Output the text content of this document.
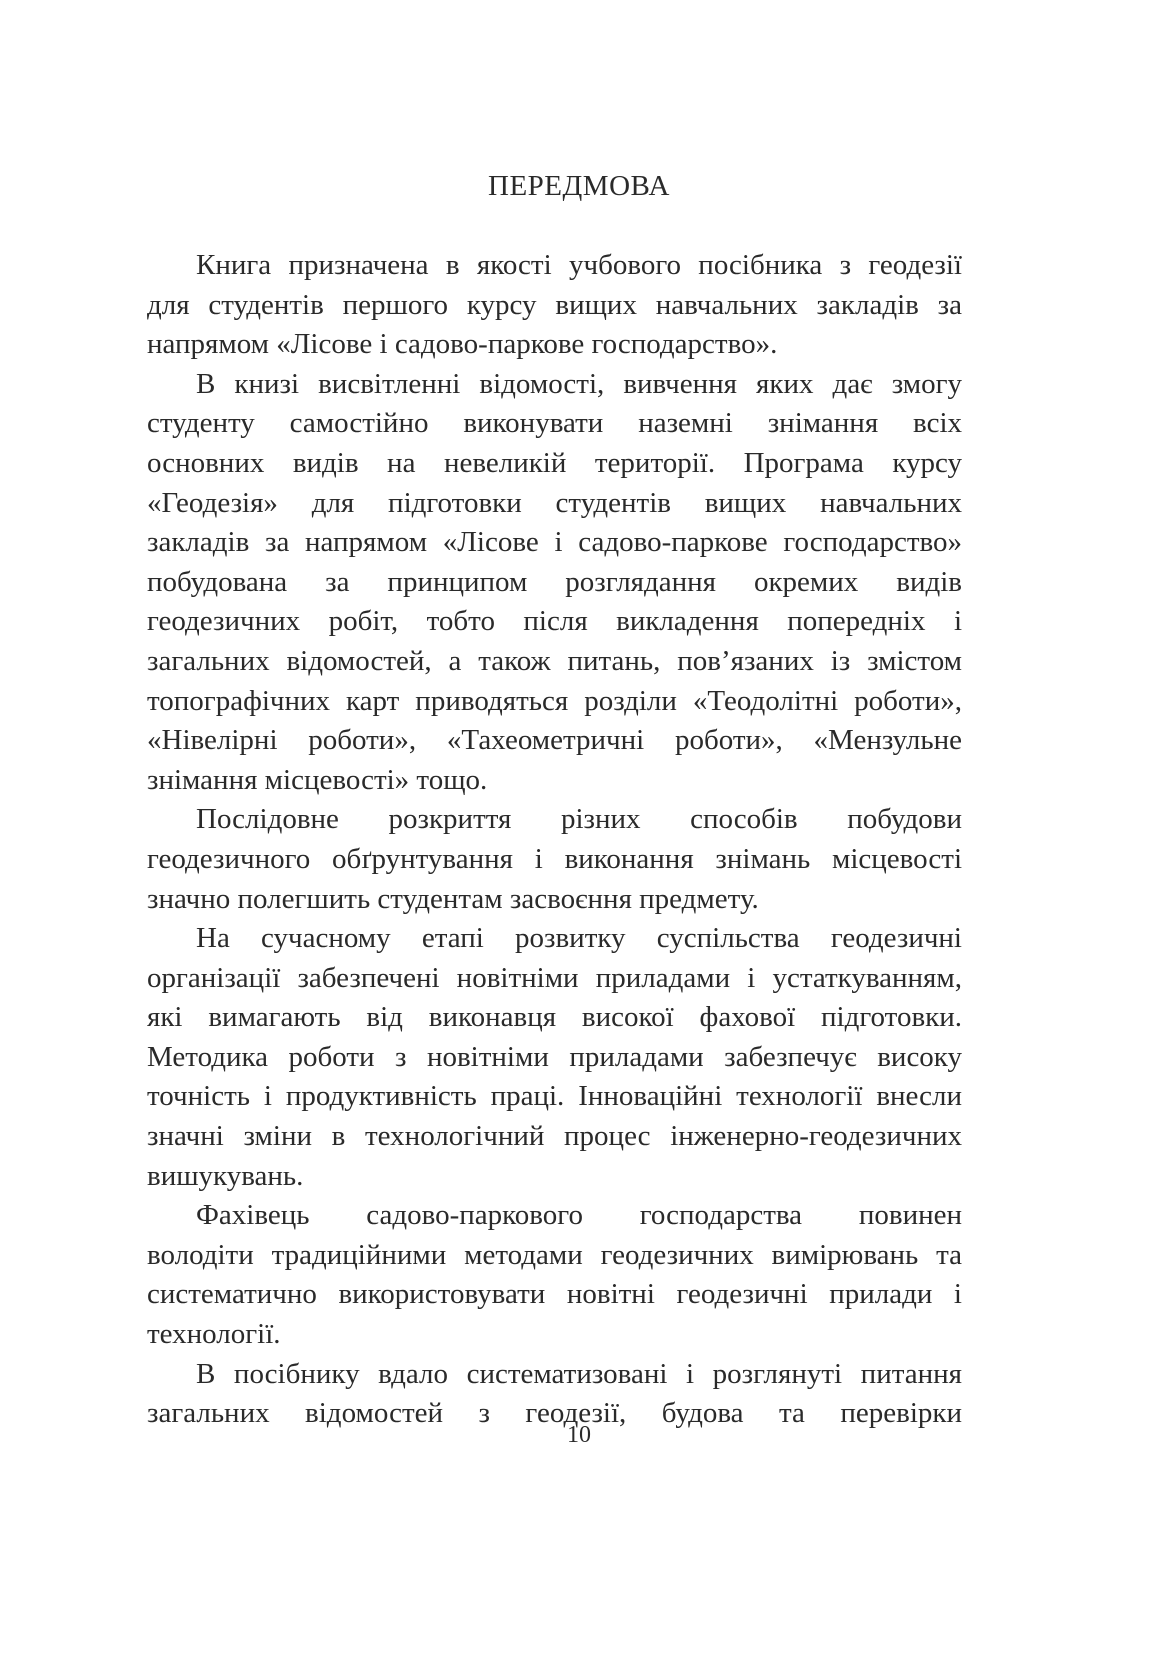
ПЕРЕДМОВА
Книга призначена в якості учбового посібника з геодезії
для студентів першого курсу вищих навчальних закладів за
напрямом «Лісове і садово-паркове господарство».
В книзі висвітленні відомості, вивчення яких дає змогу
студенту самостійно виконувати наземні знімання всіх
основних видів на невеликій території. Програма курсу
«Геодезія» для підготовки студентів вищих навчальних
закладів за напрямом «Лісове і садово-паркове господарство»
побудована за принципом розглядання окремих видів
геодезичних робіт, тобто після викладення попередніх і
загальних відомостей, а також питань, пов’язаних із змістом
топографічних карт приводяться розділи «Теодолітні роботи»,
«Нівелірні роботи», «Тахеометричні роботи», «Мензульне
знімання місцевості» тощо.
Послідовне розкриття різних способів побудови
геодезичного обґрунтування і виконання знімань місцевості
значно полегшить студентам засвоєння предмету.
На сучасному етапі розвитку суспільства геодезичні
організації забезпечені новітніми приладами і устаткуванням,
які вимагають від виконавця високої фахової підготовки.
Методика роботи з новітніми приладами забезпечує високу
точність і продуктивність праці. Інноваційні технології внесли
значні зміни в технологічний процес інженерно-геодезичних
вишукувань.
Фахівець садово-паркового господарства повинен
володіти традиційними методами геодезичних вимірювань та
систематично використовувати новітні геодезичні прилади і
технології.
В посібнику вдало систематизовані і розглянуті питання
загальних відомостей з геодезії, будова та перевірки
10
